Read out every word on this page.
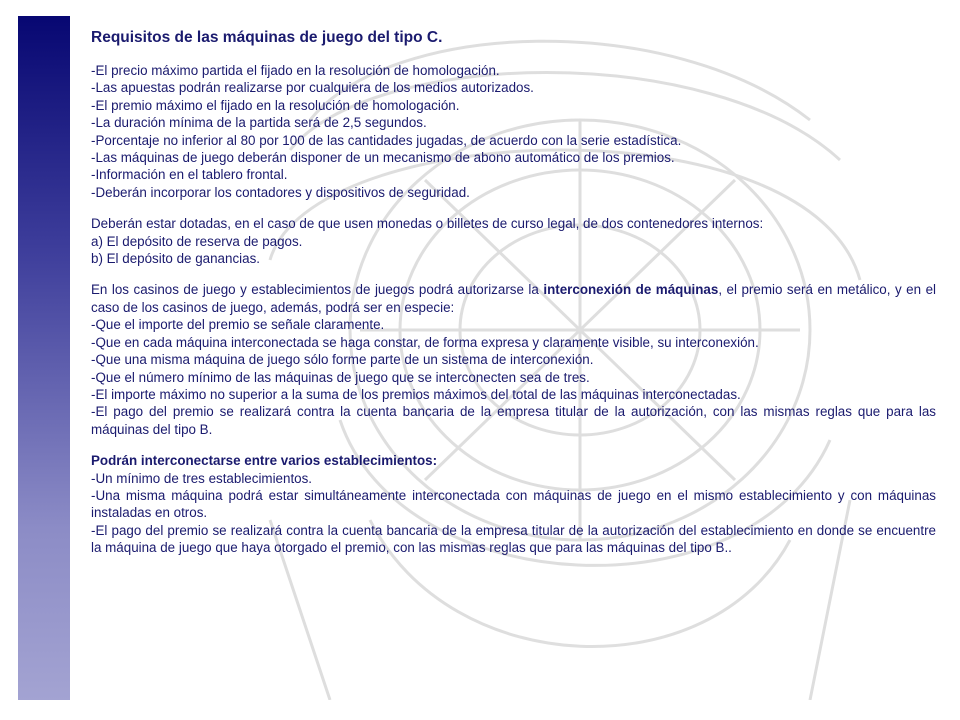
Requisitos de las máquinas de juego del tipo C.
-El precio máximo partida el fijado en la resolución de homologación.
-Las apuestas podrán realizarse por cualquiera de los medios autorizados.
-El premio máximo el fijado en la resolución de homologación.
-La duración mínima de la partida será de 2,5 segundos.
-Porcentaje no inferior al 80 por 100 de las cantidades jugadas, de acuerdo con la serie estadística.
-Las máquinas de juego deberán disponer de un mecanismo de abono automático de los premios.
-Información en el tablero frontal.
-Deberán incorporar los contadores y dispositivos de seguridad.
Deberán estar dotadas, en el caso de que usen monedas o billetes de curso legal, de dos contenedores internos:
a) El depósito de reserva de pagos.
b) El depósito de ganancias.
En los casinos de juego y establecimientos de juegos podrá autorizarse la interconexión de máquinas, el premio será en metálico, y en el caso de los casinos de juego, además, podrá ser en especie:
-Que el importe del premio se señale claramente.
-Que en cada máquina interconectada se haga constar, de forma expresa y claramente visible, su interconexión.
-Que una misma máquina de juego sólo forme parte de un sistema de interconexión.
-Que el número mínimo de las máquinas de juego que se interconecten sea de tres.
-El importe máximo no superior a la suma de los premios máximos del total de las máquinas interconectadas.
-El pago del premio se realizará contra la cuenta bancaria de la empresa titular de la autorización, con las mismas reglas que para las máquinas del tipo B.
Podrán interconectarse entre varios establecimientos:
-Un mínimo de tres establecimientos.
-Una misma máquina podrá estar simultáneamente interconectada con máquinas de juego en el mismo establecimiento y con máquinas instaladas en otros.
-El pago del premio se realizará contra la cuenta bancaria de la empresa titular de la autorización del establecimiento en donde se encuentre la máquina de juego que haya otorgado el premio, con las mismas reglas que para las máquinas del tipo B..
